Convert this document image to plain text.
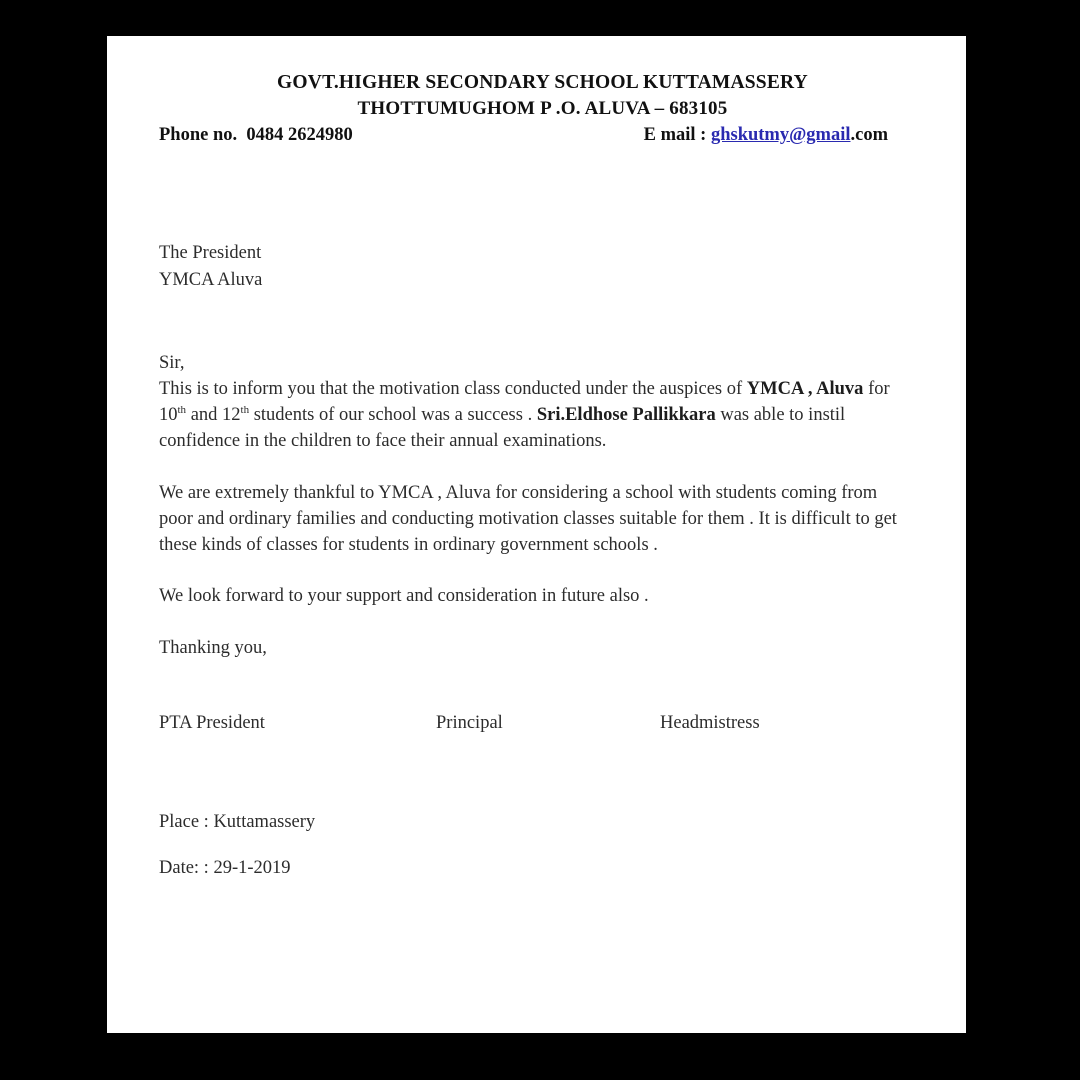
GOVT.HIGHER SECONDARY SCHOOL KUTTAMASSERY
THOTTUMUGHOM P .O. ALUVA – 683105
Phone no.  0484 2624980	E mail : ghskutmy@gmail.com
The President
YMCA Aluva
Sir,
This is to inform you that the motivation class conducted under the auspices of YMCA , Aluva for 10th and 12th students of our school was a success . Sri.Eldhose Pallikkara was able to instil confidence in the children to face their annual examinations.
We are extremely thankful to YMCA , Aluva for considering a school with students coming from poor and ordinary families and conducting motivation classes suitable for them . It is difficult to get these kinds of classes for students in ordinary government schools .
We look forward to your support and consideration in future also .
Thanking you,
PTA President	Principal	Headmistress
Place : Kuttamassery
Date: : 29-1-2019
